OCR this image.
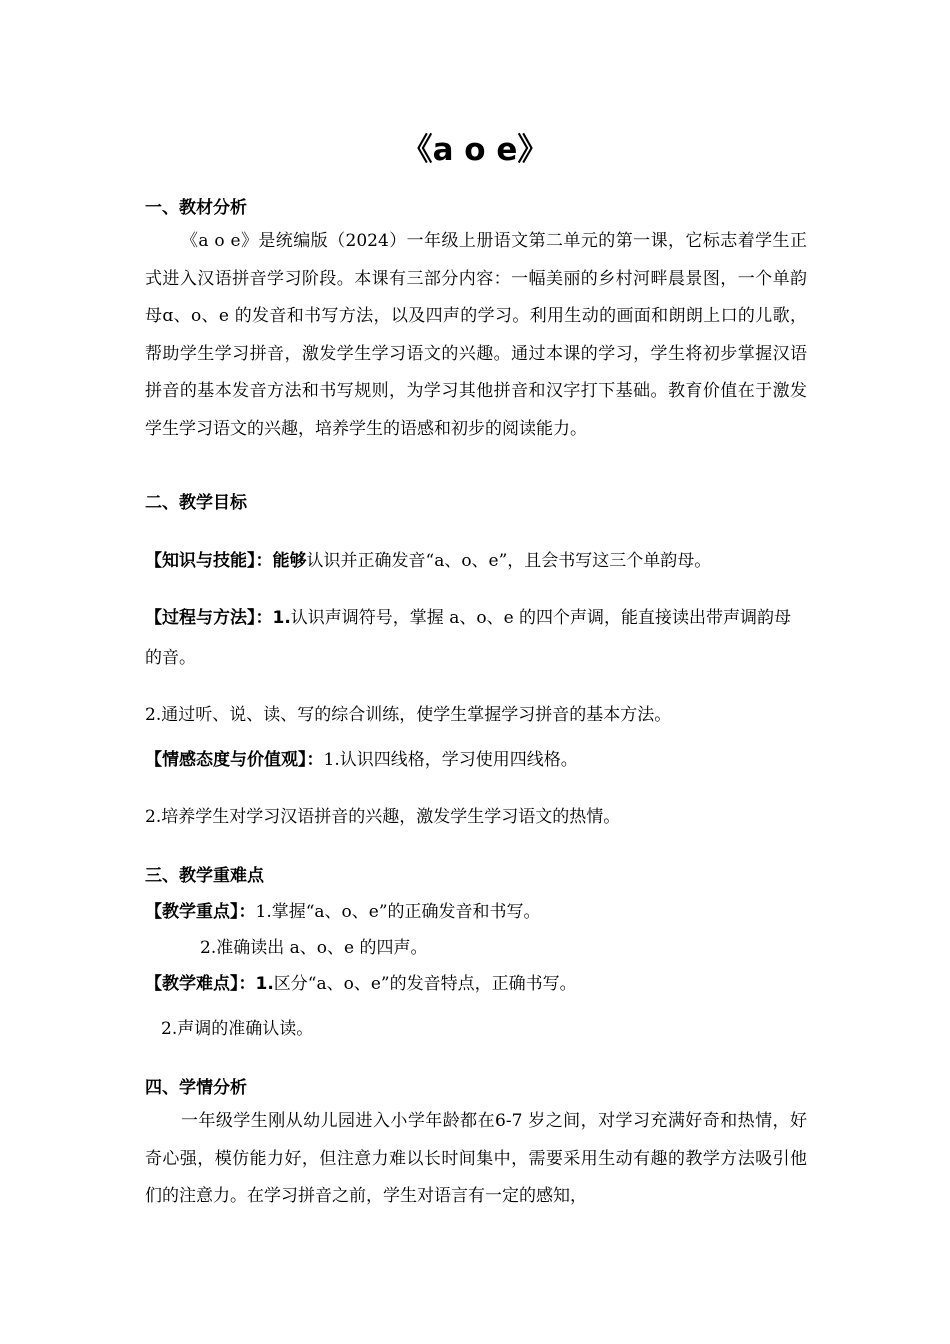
《a o e》
一、教材分析
《a o e》是统编版（2024）一年级上册语文第二单元的第一课，它标志着学生正式进入汉语拼音学习阶段。本课有三部分内容：一幅美丽的乡村河畔晨景图，一个单韵母ɑ、o、e 的发音和书写方法，以及四声的学习。利用生动的画面和朗朗上口的儿歌，帮助学生学习拼音，激发学生学习语文的兴趣。通过本课的学习，学生将初步掌握汉语拼音的基本发音方法和书写规则，为学习其他拼音和汉字打下基础。教育价值在于激发学生学习语文的兴趣，培养学生的语感和初步的阅读能力。
二、教学目标
【知识与技能】：能够认识并正确发音“a、o、e”，且会书写这三个单韵母。
【过程与方法】：1.认识声调符号，掌握 a、o、e 的四个声调，能直接读出带声调韵母的音。
2.通过听、说、读、写的综合训练，使学生掌握学习拼音的基本方法。
【情感态度与价值观】：1.认识四线格，学习使用四线格。
2.培养学生对学习汉语拼音的兴趣，激发学生学习语文的热情。
三、教学重难点
【教学重点】：1.掌握“a、o、e”的正确发音和书写。
2.准确读出 a、o、e 的四声。
【教学难点】：1.区分“a、o、e”的发音特点，正确书写。
2.声调的准确认读。
四、学情分析
一年级学生刚从幼儿园进入小学年龄都在6-7 岁之间，对学习充满好奇和热情，好奇心强，模仿能力好，但注意力难以长时间集中，需要采用生动有趣的教学方法吸引他们的注意力。在学习拼音之前，学生对语言有一定的感知，
